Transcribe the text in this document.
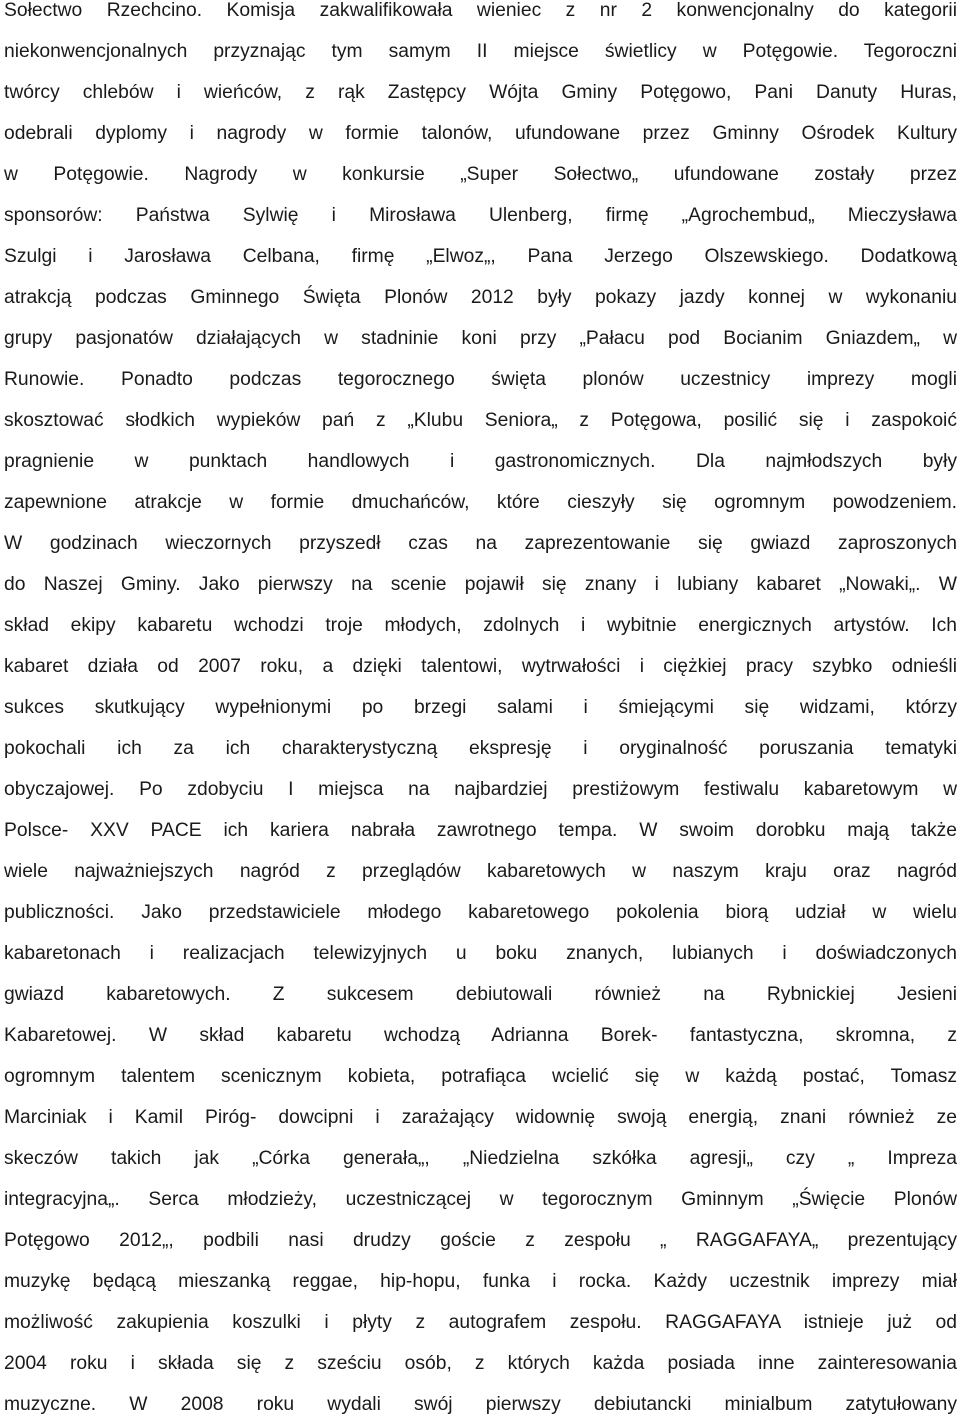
Sołectwo Rzechcino. Komisja zakwalifikowała wieniec z nr 2 konwencjonalny do kategorii
niekonwencjonalnych przyznając tym samym II miejsce świetlicy w Potęgowie. Tegoroczni
twórcy chlebów i wieńców, z rąk Zastępcy Wójta Gminy Potęgowo, Pani Danuty Huras,
odebrali dyplomy i nagrody w formie talonów, ufundowane przez Gminny Ośrodek Kultury
w Potęgowie. Nagrody w konkursie „Super Sołectwo„ ufundowane zostały przez
sponsorów: Państwa Sylwię i Mirosława Ulenberg, firmę „Agrochembud„ Mieczysława
Szulgi i Jarosława Celbana, firmę „Elwoz„, Pana Jerzego Olszewskiego. Dodatkową
atrakcją podczas Gminnego Święta Plonów 2012 były pokazy jazdy konnej w wykonaniu
grupy pasjonatów działających w stadninie koni przy „Pałacu pod Bocianim Gniazdem„ w
Runowie. Ponadto podczas tegorocznego święta plonów uczestnicy imprezy mogli
skosztować słodkich wypieków pań z „Klubu Seniora„ z Potęgowa, posilić się i zaspokoić
pragnienie w punktach handlowych i gastronomicznych. Dla najmłodszych były
zapewnione atrakcje w formie dmuchańców, które cieszyły się ogromnym powodzeniem.
W godzinach wieczornych przyszedł czas na zaprezentowanie się gwiazd zaproszonych
do Naszej Gminy. Jako pierwszy na scenie pojawił się znany i lubiany kabaret „Nowaki„. W
skład ekipy kabaretu wchodzi troje młodych, zdolnych i wybitnie energicznych artystów. Ich
kabaret działa od 2007 roku, a dzięki talentowi, wytrwałości i ciężkiej pracy szybko odnieśli
sukces skutkujący wypełnionymi po brzegi salami i śmiejącymi się widzami, którzy
pokochali ich za ich charakterystyczną ekspresję i oryginalność poruszania tematyki
obyczajowej. Po zdobyciu I miejsca na najbardziej prestiżowym festiwalu kabaretowym w
Polsce- XXV PACE ich kariera nabrała zawrotnego tempa. W swoim dorobku mają także
wiele najważniejszych nagród z przeglądów kabaretowych w naszym kraju oraz nagród
publiczności. Jako przedstawiciele młodego kabaretowego pokolenia biorą udział w wielu
kabaretonach i realizacjach telewizyjnych u boku znanych, lubianych i doświadczonych
gwiazd kabaretowych. Z sukcesem debiutowali również na Rybnickiej Jesieni
Kabaretowej. W skład kabaretu wchodzą Adrianna Borek- fantastyczna, skromna, z
ogromnym talentem scenicznym kobieta, potrafiąca wcielić się w każdą postać, Tomasz
Marciniak i Kamil Piróg- dowcipni i zarażający widownię swoją energią, znani również ze
skeczów takich jak „Córka generała„, „Niedzielna szkółka agresji„ czy „ Impreza
integracyjna„. Serca młodzieży, uczestniczącej w tegorocznym Gminnym „Święcie Plonów
Potęgowo 2012„, podbili nasi drudzy goście z zespołu „ RAGGAFAYA„ prezentujący
muzykę będącą mieszanką reggae, hip-hopu, funka i rocka. Każdy uczestnik imprezy miał
możliwość zakupienia koszulki i płyty z autografem zespołu. RAGGAFAYA istnieje już od
2004 roku i składa się z sześciu osób, z których każda posiada inne zainteresowania
muzyczne. W 2008 roku wydali swój pierwszy debiutancki minialbum zatytułowany
